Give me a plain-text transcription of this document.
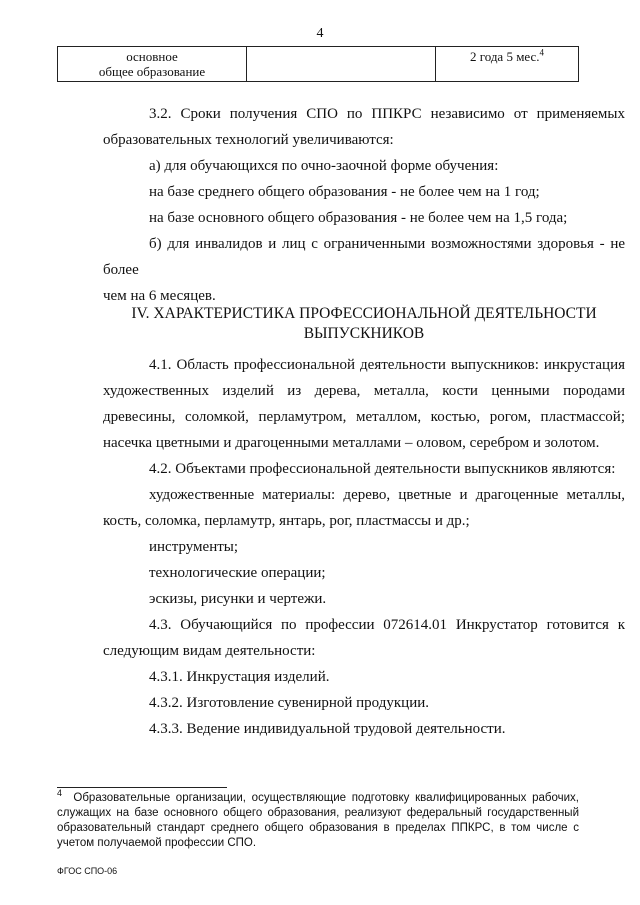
4
основное
общее образование		2 года 5 мес.$^4$

3.2. Сроки получения СПО по ППКРС независимо от применяемых

образовательных технологий увеличиваются:

а) для обучающихся по очно-заочной форме обучения:

на базе среднего общего образования - не более чем на 1 год;

на базе основного общего образования - не более чем на 1,5 года;

б) для инвалидов и лиц с ограниченными возможностями здоровья - не более

чем на 6 месяцев.

IV. ХАРАКТЕРИСТИКА ПРОФЕССИОНАЛЬНОЙ ДЕЯТЕЛЬНОСТИ
ВЫПУСКНИКОВ

4.1. Область профессиональной деятельности выпускников: инкрустация художественных изделий из дерева, металла, кости ценными породами древесины, соломкой, перламутром, металлом, костью, рогом, пластмассой; насечка цветными и драгоценными металлами – оловом, серебром и золотом.

4.2. Объектами профессиональной деятельности выпускников являются:

художественные материалы: дерево, цветные и драгоценные металлы, кость, соломка, перламутр, янтарь, рог, пластмассы и др.;

инструменты;

технологические операции;

эскизы, рисунки и чертежи.

4.3. Обучающийся по профессии 072614.01 Инкрустатор готовится к следующим видам деятельности:

4.3.1. Инкрустация изделий.

4.3.2. Изготовление сувенирной продукции.

4.3.3. Ведение индивидуальной трудовой деятельности.

$^4$ Образовательные организации, осуществляющие подготовку квалифицированных рабочих, служащих на базе основного общего образования, реализуют федеральный государственный образовательный стандарт среднего общего образования в пределах ППКРС, в том числе с учетом получаемой профессии СПО.

ФГОС СПО-06
